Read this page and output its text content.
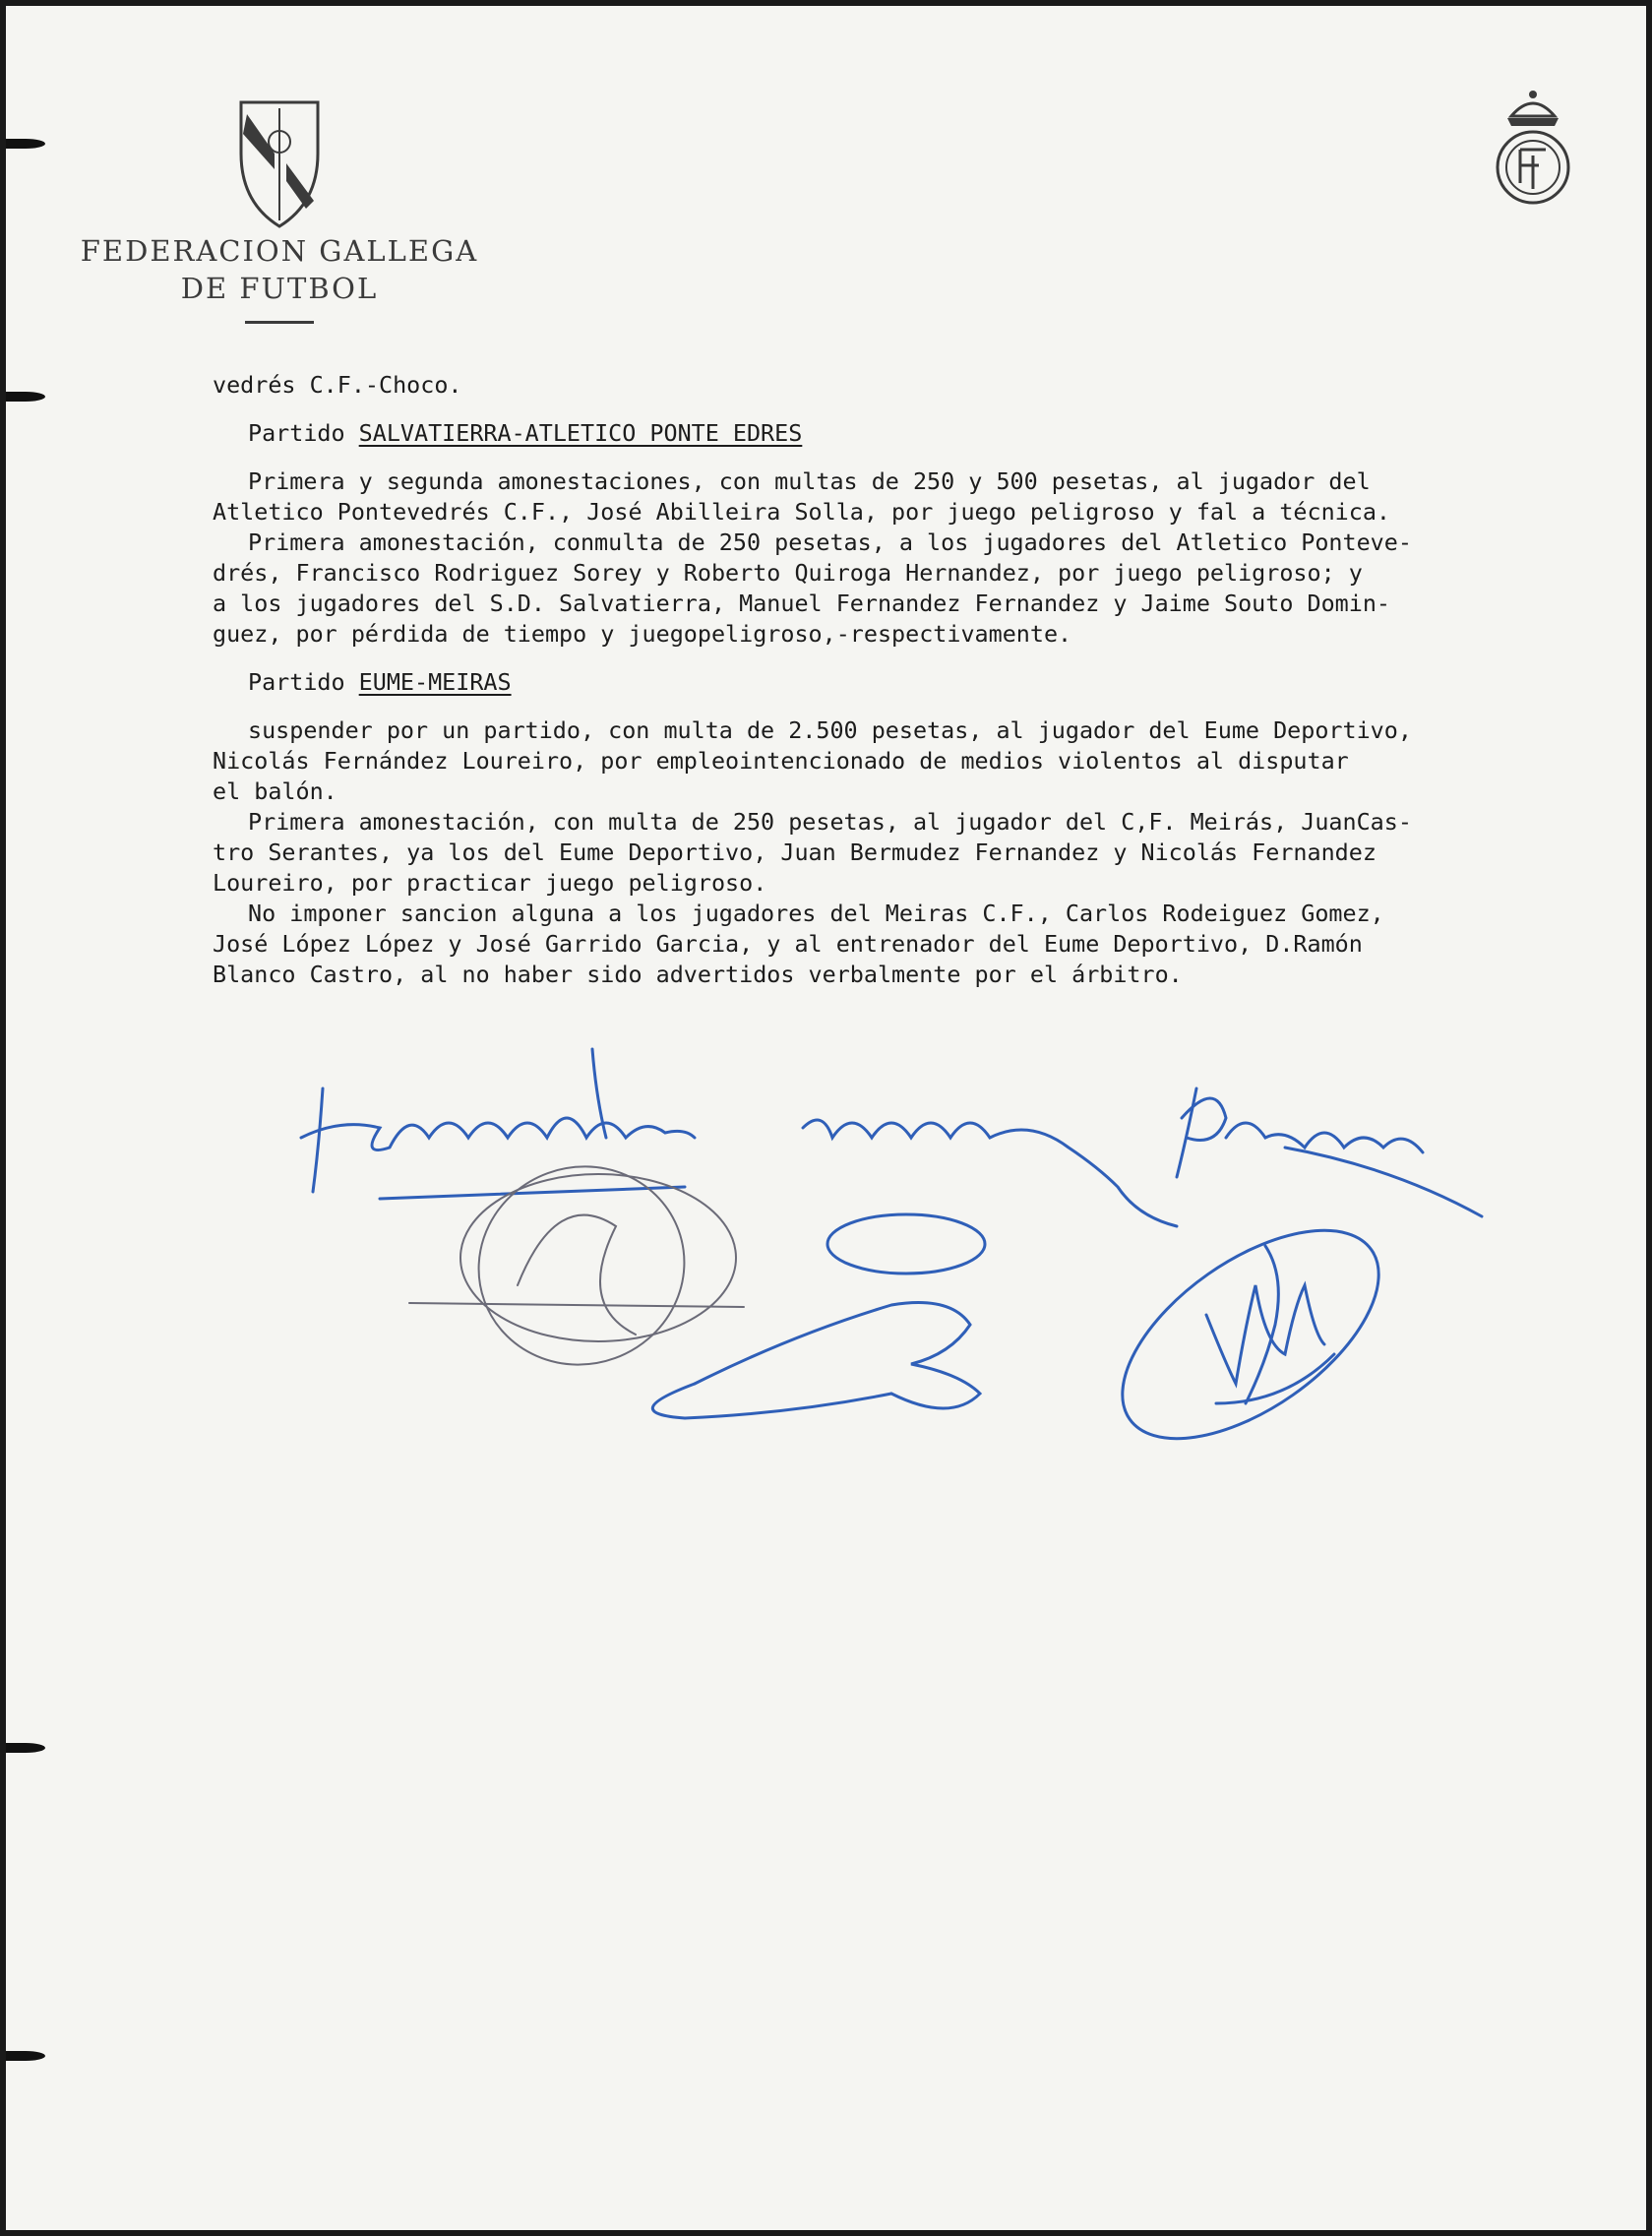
FEDERACION GALLEGA
DE FUTBOL

vedrés C.F.-Choco.

Partido SALVATIERRA-ATLETICO PONTE EDRES

Primera y segunda amonestaciones, con multas de 250 y 500 pesetas, al jugador del

Atletico Pontevedrés C.F., José Abilleira Solla, por juego peligroso y fal a técnica.

Primera amonestación, conmulta de 250 pesetas, a los jugadores del Atletico Ponteve-

drés, Francisco Rodriguez Sorey y Roberto Quiroga Hernandez, por juego peligroso; y

a los jugadores del S.D. Salvatierra, Manuel Fernandez Fernandez y Jaime Souto Domin-

guez, por pérdida de tiempo y juegopeligroso,-respectivamente.

Partido EUME-MEIRAS

suspender por un partido, con multa de 2.500 pesetas, al jugador del Eume Deportivo,

Nicolás Fernández Loureiro, por empleointencionado de medios violentos al disputar

el balón.

Primera amonestación, con multa de 250 pesetas, al jugador del C,F. Meirás, JuanCas-

tro Serantes, ya los del Eume Deportivo, Juan Bermudez Fernandez y Nicolás Fernandez

Loureiro, por practicar juego peligroso.

No imponer sancion alguna a los jugadores del Meiras C.F., Carlos Rodeiguez Gomez,

José López López y José Garrido Garcia, y al entrenador del Eume Deportivo, D.Ramón

Blanco Castro, al no haber sido advertidos verbalmente por el árbitro.
